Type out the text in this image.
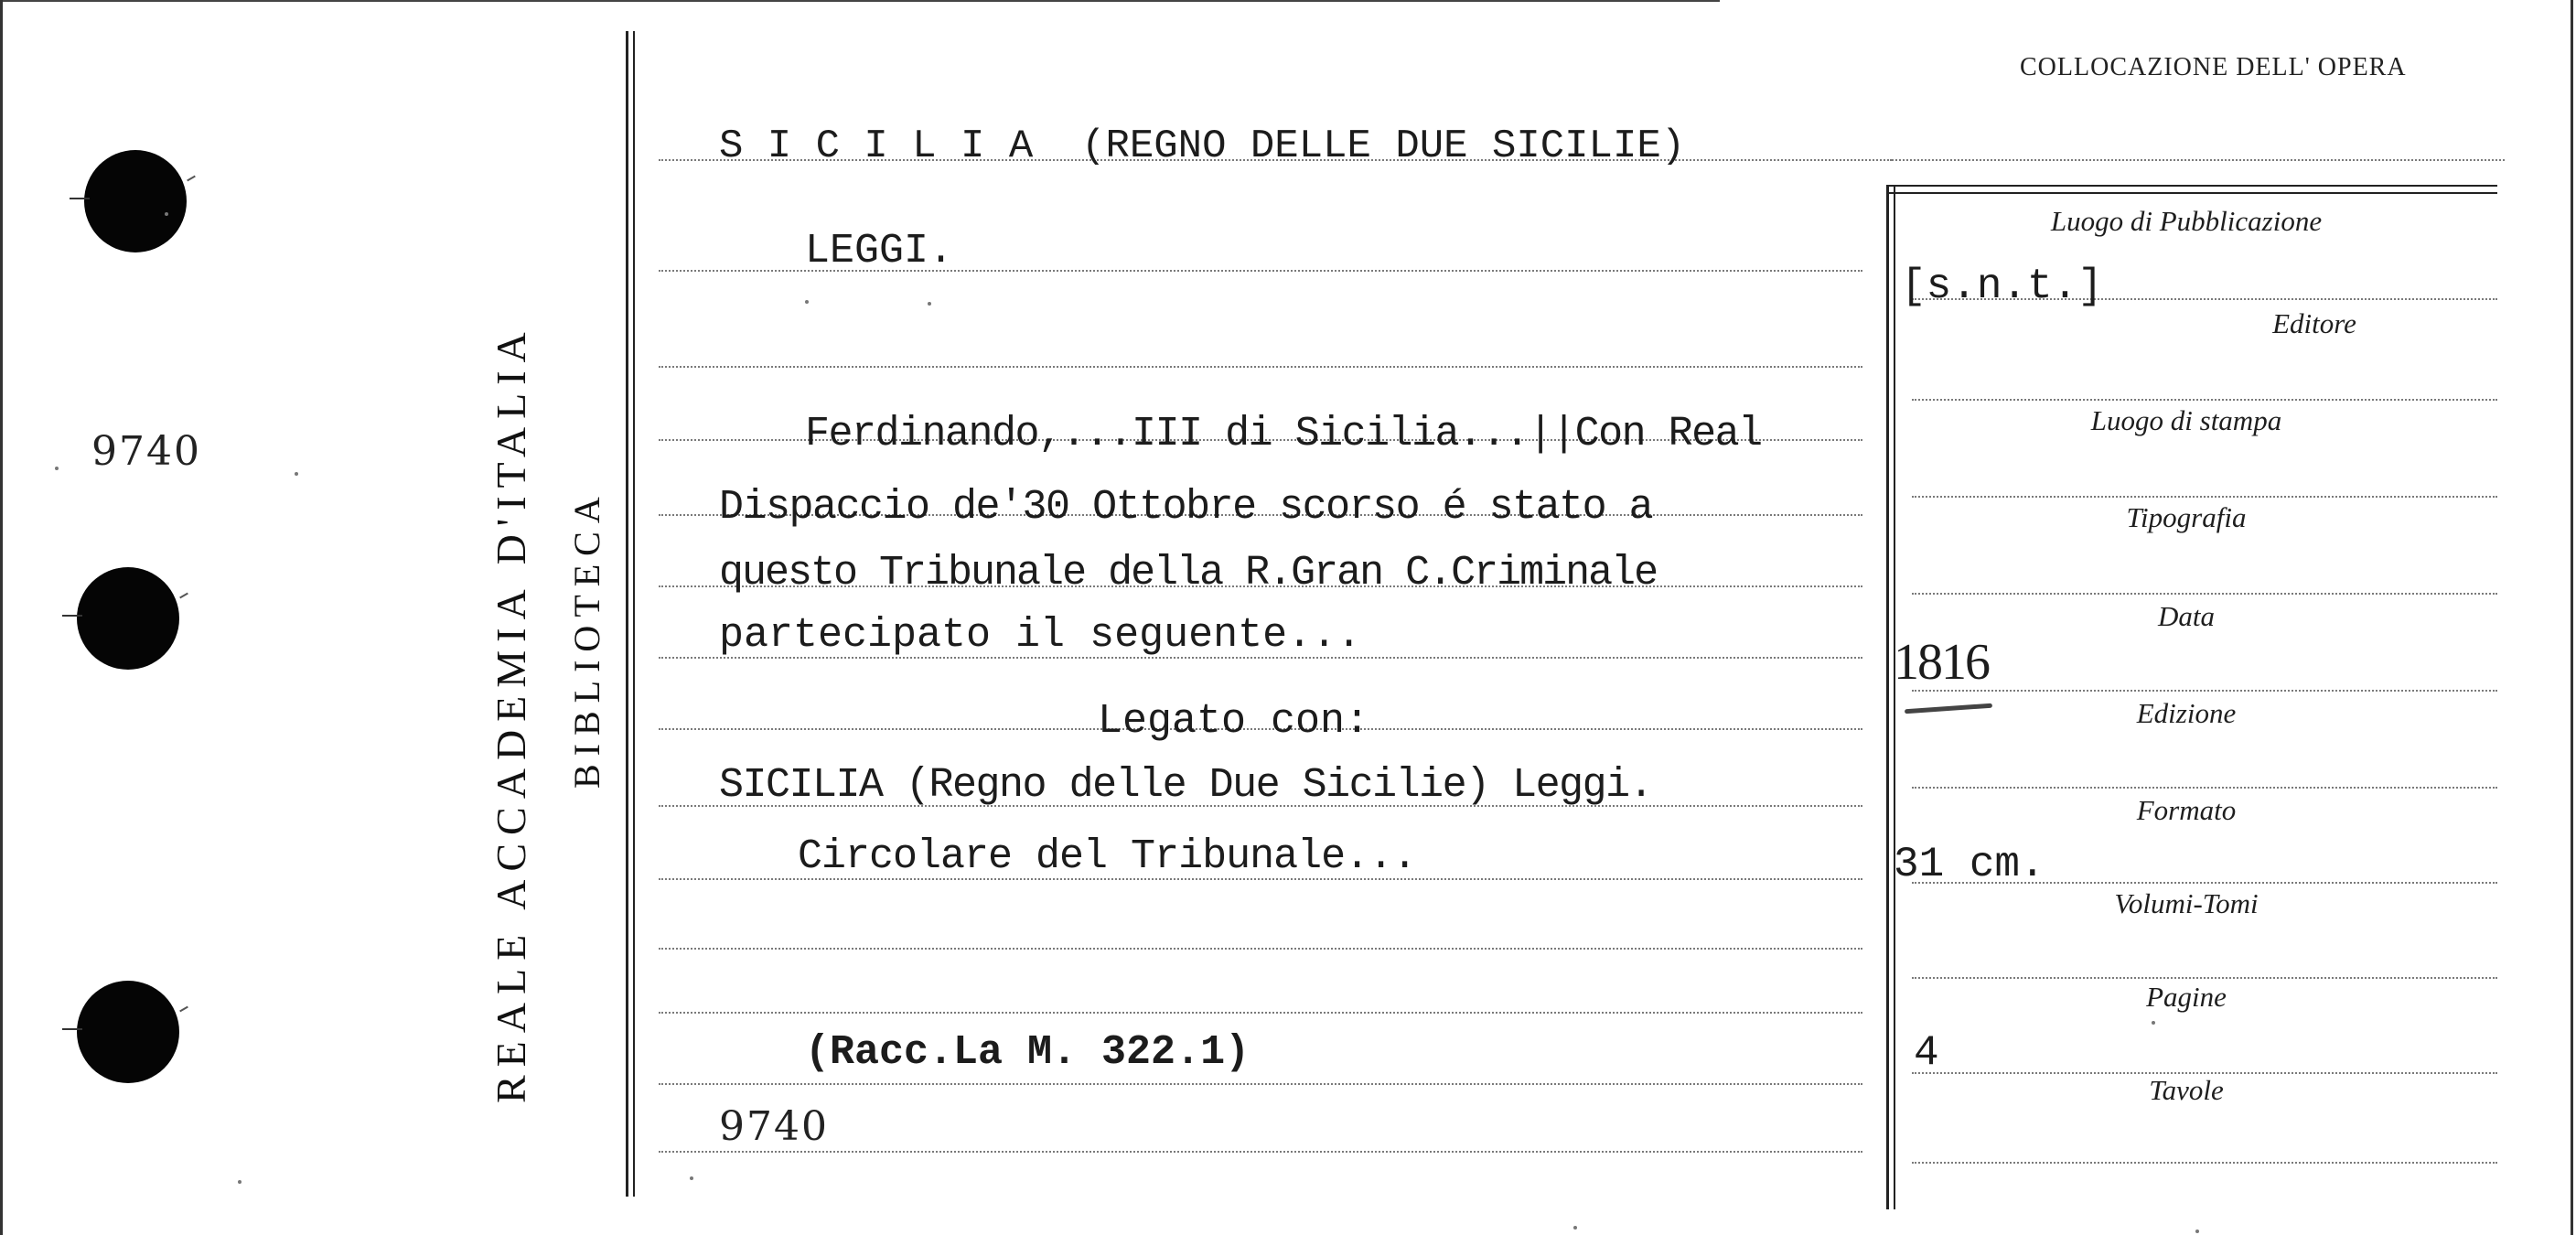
COLLOCAZIONE DELL' OPERA
9740	REALE ACCADEMIA D'ITALIA BIBLIOTECA
S I C I L I A  (REGNO DELLE DUE SICILIE)
LEGGI.
Ferdinando,...III di Sicilia...||Con Real
Dispaccio de'30 Ottobre scorso é stato a
questo Tribunale della R.Gran C.Criminale
partecipato il seguente...
Legato con:
SICILIA (Regno delle Due Sicilie) Leggi.
Circolare del Tribunale...
(Racc.La M. 322.1)
9740
Luogo di Pubblicazione
Editore
Luogo di stampa
Tipografia
Data
Edizione
Formato
Volumi-Tomi
Pagine
Tavole
[s.n.t.]
1816
31 cm.
4
